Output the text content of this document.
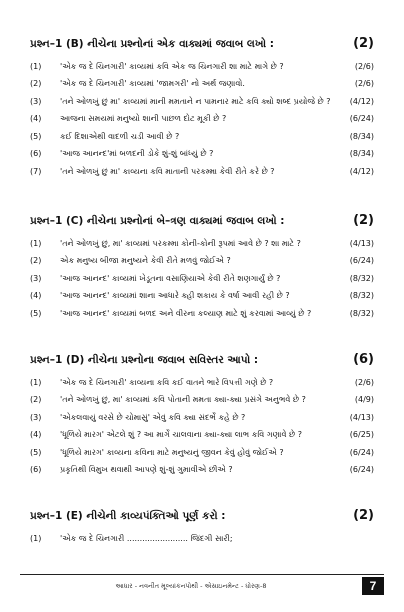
પ્રશ્ન–1 (B) નીચેના પ્રશ્નોનાં એક વાક્યમાં જવાબ લખો :	(2)
(1)	'એક જ દે ચિનગારી' કાવ્યમાં કવિ એક જ ચિનગારી શા માટે માગે છે ?	(2/6)
(2)	'એક જ દે ચિનગારી' કાવ્યમાં 'જામગરી' નો અર્થ જણાવો.	(2/6)
(3)	'તને ઓળખું છું મા' કાવ્યમાં માની મમતાને ન પામનાર માટે કવિ ક્યો શબ્દ પ્રયોજે છે ?	(4/12)
(4)	આજના સમયમાં મનુષ્યો શાની પાછળ દોટ મૂકી છે ?	(6/24)
(5)	કઈ દિશાએથી વાદળી ચડી આવી છે ?	(8/34)
(6)	'આજ આનન્દ'માં બળદની ડોકે શું-શું બાંધ્યું છે ?	(8/34)
(7)	'તને ઓળખું છું મા' કાવ્યના કવિ માતાની પરકમ્મા કેવી રીતે કરે છે ?	(4/12)
પ્રશ્ન–1 (C) નીચેના પ્રશ્નોનાં બે–ત્રણ વાક્યમાં જવાબ લખો :	(2)
(1)	'તને ઓળખું છું, મા' કાવ્યમાં પરકમ્મા કોની-કોની રૂપમાં આવે છે ? શા માટે ?	(4/13)
(2)	એક મનુષ્ય બીજા મનુષ્યને કેવી રીતે મળવું જોઈએ ?	(6/24)
(3)	'આજ આનન્દ' કાવ્યમાં ખેડૂતના વસાણિયાએ કેવી રીતે શણગાર્યું છે ?	(8/32)
(4)	'આજ આનન્દ' કાવ્યમાં શાના આધારે ક્હી શકાય કે વર્ષા આવી રહી છે ?	(8/32)
(5)	'આજ આનન્દ' કાવ્યમાં બળદ અને વીરના કલ્યાણ માટે શું કરવામાં આવ્યું છે ?	(8/32)
પ્રશ્ન–1 (D) નીચેના પ્રશ્નોના જવાબ સવિસ્તર આપો :	(6)
(1)	'એક જ દે ચિનગારી' કાવ્યના કવિ કઈ વાતને ભારે વિપત્તી ગણે છે ?	(2/6)
(2)	'તને ઓળખું છું, મા' કાવ્યમાં કવિ પોતાની મમતા ક્યા-ક્યા પ્રસંગે અનુભવે છે ?	(4/9)
(3)	'એકલવાયું વરસે છે ચોમાસું' એવું કવિ ક્યા સંદર્ભે કહે છે ?	(4/13)
(4)	'ધૂળિયે મારગ' એટલે શું ? આ માર્ગે ચાલવાના ક્યા-ક્યા લાભ કવિ ગણાવે છે ?	(6/25)
(5)	'ધૂળિયે મારગ' કાવ્યના કવિના માટે મનુષ્યનું જીવન કેવું હોવું જોઈએ ?	(6/24)
(6)	પ્રકૃતિથી વિમુખ થવાથી આપણે શું-શું ગુમાવીએ છીએ ?	(6/24)
પ્રશ્ન–1 (E) નીચેની કાવ્યપંક્તિઓ પૂર્ણ કરો :	(2)
(1)	'એક જ દે ચિનગારી ........................ જિંદગી સારી;
આધાર - નવનીત મૂલ્યાંકનપોથી - એસાઇનમેન્ટ - ધોરણ-8	7
